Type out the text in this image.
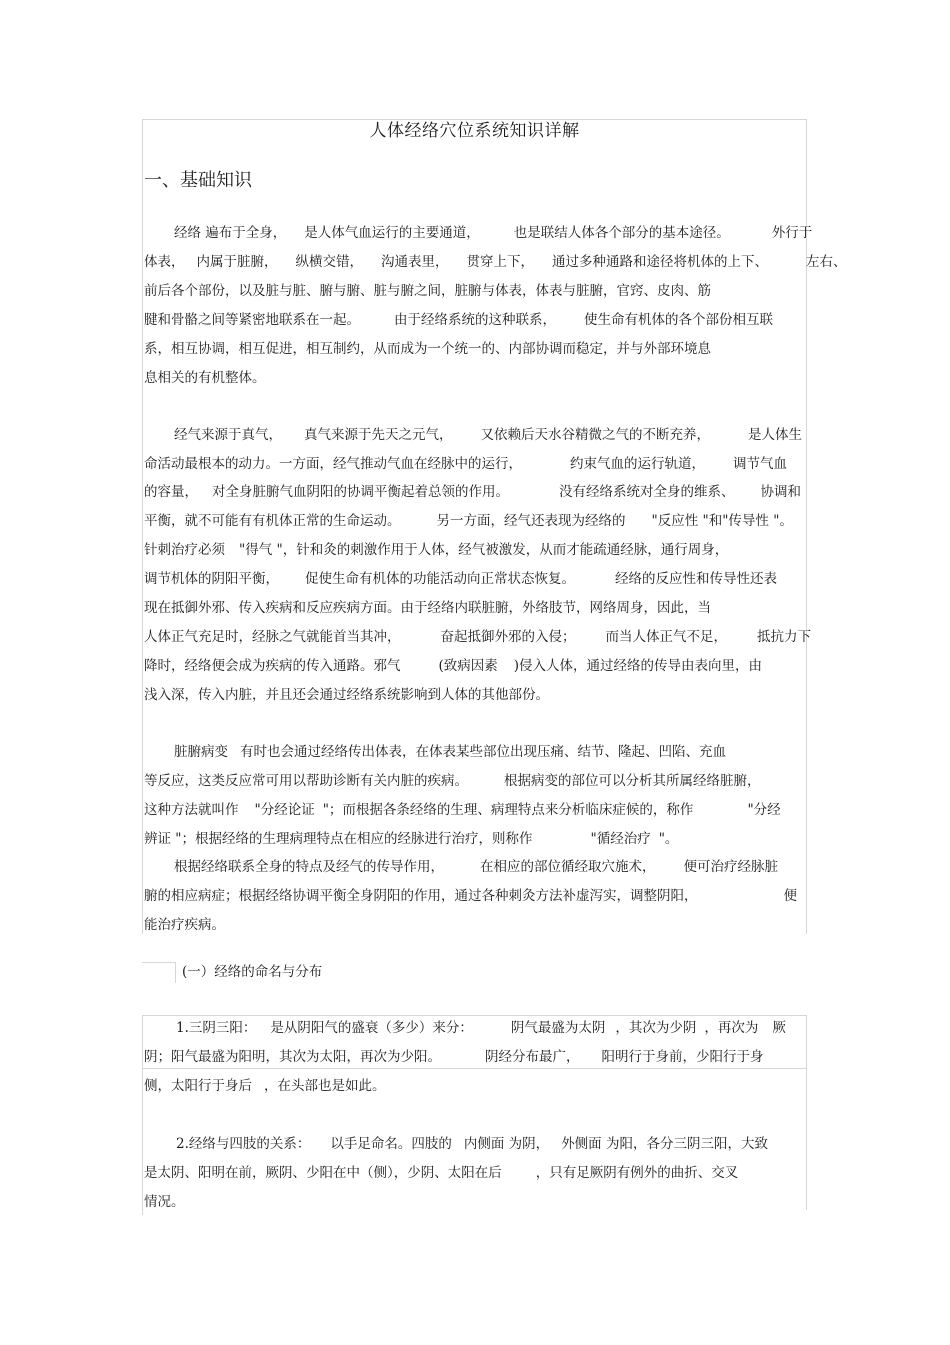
人体经络穴位系统知识详解
一、基础知识
经络 遍布于全身， 是人体气血运行的主要通道，	也是联结人体各个部分的基本途径。	外行于
体表， 内属于脏腑， 纵横交错， 沟通表里， 贯穿上下， 通过多种通路和途径将机体的上下、	左右、
前后各个部份，以及脏与脏、腑与腑、脏与腑之间，脏腑与体表，体表与脏腑，官窍、皮肉、筋
腱和骨骼之间等紧密地联系在一起。	由于经络系统的这种联系， 使生命有机体的各个部份相互联
系，相互协调，相互促进，相互制约，从而成为一个统一的、内部协调而稳定，并与外部环境息
息相关的有机整体。
经气来源于真气， 真气来源于先天之元气， 又依赖后天水谷精微之气的不断充养，	是人体生
命活动最根本的动力。一方面，经气推动气血在经脉中的运行，	约束气血的运行轨道， 调节气血
的容量， 对全身脏腑气血阴阳的协调平衡起着总领的作用。	没有经络系统对全身的维系、 协调和
平衡，就不可能有有机体正常的生命运动。	另一方面，经气还表现为经络的 "反应性 "和"传导性 "。
针刺治疗必须 "得气 "，针和灸的刺激作用于人体，经气被激发，从而才能疏通经脉，通行周身，
调节机体的阴阳平衡， 促使生命有机体的功能活动向正常状态恢复。	经络的反应性和传导性还表
现在抵御外邪、传入疾病和反应疾病方面。由于经络内联脏腑，外络肢节，网络周身，因此，当
人体正气充足时，经脉之气就能首当其冲，	奋起抵御外邪的入侵； 而当人体正气不足， 抵抗力下
降时，经络便会成为疾病的传入通路。邪气	(致病因素 )侵入人体，通过经络的传导由表向里，由
浅入深，传入内脏，并且还会通过经络系统影响到人体的其他部份。
脏腑病变 有时也会通过经络传出体表，在体表某些部位出现压痛、结节、隆起、凹陷、充血
等反应，这类反应常可用以帮助诊断有关内脏的疾病。	根据病变的部位可以分析其所属经络脏腑，
这种方法就叫作 "分经论证 "；而根据各条经络的生理、病理特点来分析临床症候的，称作	"分经
辨证 "；根据经络的生理病理特点在相应的经脉进行治疗，则称作	"循经治疗 "。
根据经络联系全身的特点及经气的传导作用，	在相应的部位循经取穴施术， 便可治疗经脉脏
腑的相应病症；根据经络协调平衡全身阴阳的作用，通过各种刺灸方法补虚泻实，调整阴阳，	便
能治疗疾病。
(一）经络的命名与分布
1.三阴三阳： 是从阴阳气的盛衰（多少）来分：	阴气最盛为太阴 ，其次为少阴 ，再次为 厥
阴；阳气最盛为阳明，其次为太阳，再次为少阳。	阴经分布最广， 阳明行于身前，少阳行于身
侧，太阳行于身后 ，在头部也是如此。
2.经络与四肢的关系： 以手足命名。四肢的 内侧面 为阴， 外侧面 为阳，各分三阴三阳，大致
是太阴、阳明在前，厥阴、少阳在中（侧），少阴、太阳在后	，只有足厥阴有例外的曲折、交叉
情况。
